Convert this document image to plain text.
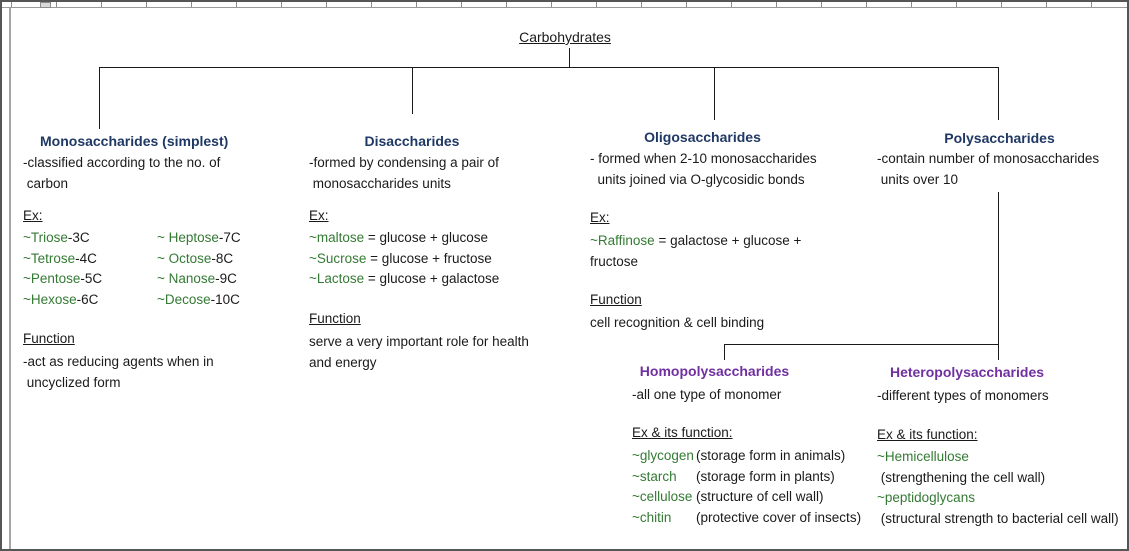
Carbohydrates
Monosaccharides (simplest)
-classified according to the no. of
carbon
Ex:
~Triose-3C
~Tetrose-4C
~Pentose-5C
~Hexose-6C
~ Heptose-7C
~ Octose-8C
~ Nanose-9C
~Decose-10C
Function
-act as reducing agents when in
uncyclized form
Disaccharides
-formed by condensing a pair of
monosaccharides units
Ex:
~maltose = glucose + glucose
~Sucrose = glucose + fructose
~Lactose = glucose + galactose
Function
serve a very important role for health
and energy
Oligosaccharides
- formed when 2-10 monosaccharides
units joined via O-glycosidic bonds
Ex:
~Raffinose = galactose + glucose +
fructose
Function
cell recognition & cell binding
Polysaccharides
-contain number of monosaccharides
units over 10
Homopolysaccharides
-all one type of monomer
Ex & its function:
~glycogen (storage form in animals)
~starch (storage form in plants)
~cellulose (structure of cell wall)
~chitin (protective cover of insects)
Heteropolysaccharides
-different types of monomers
Ex & its function:
~Hemicellulose
(strengthening the cell wall)
~peptidoglycans
(structural strength to bacterial cell wall)
